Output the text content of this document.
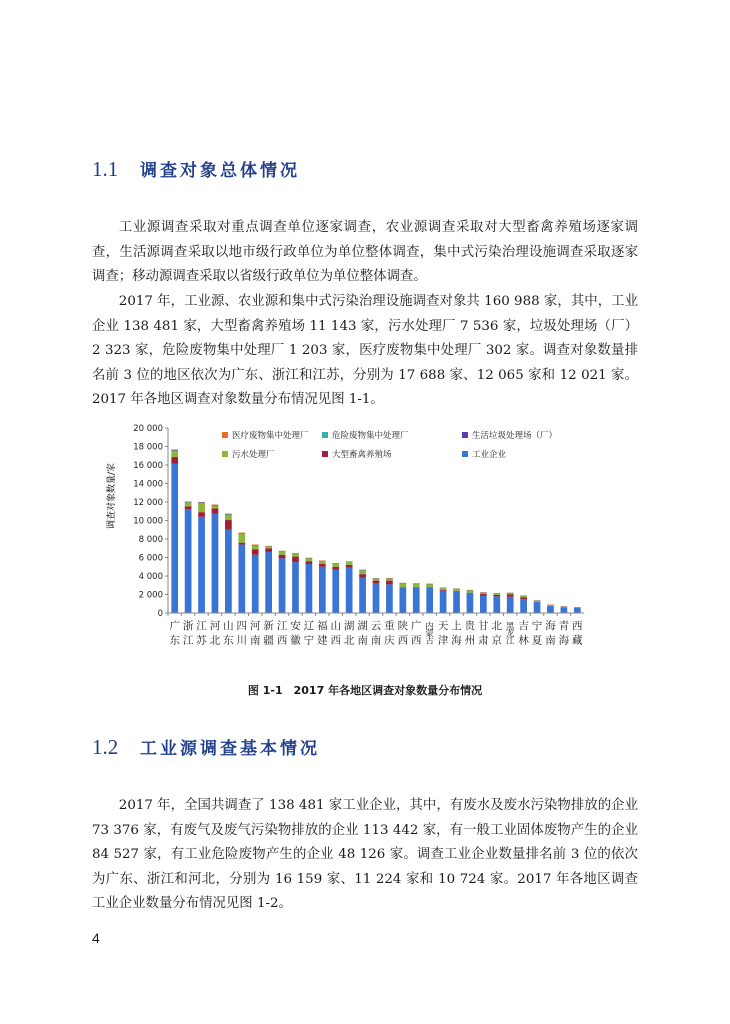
1.1	调查对象总体情况

工业源调查采取对重点调查单位逐家调查，农业源调查采取对大型畜禽养殖场逐家调查，生活源调查采取以地市级行政单位为单位整体调查，集中式污染治理设施调查采取逐家调查；移动源调查采取以省级行政单位为单位整体调查。

2017 年，工业源、农业源和集中式污染治理设施调查对象共 160 988 家，其中，工业企业 138 481 家，大型畜禽养殖场 11 143 家，污水处理厂 7 536 家，垃圾处理场（厂）2 323 家，危险废物集中处理厂 1 203 家，医疗废物集中处理厂 302 家。调查对象数量排名前 3 位的地区依次为广东、浙江和江苏，分别为 17 688 家、12 065 家和 12 021 家。2017 年各地区调查对象数量分布情况见图 1-1。

调查对象数量/家
0
2 000
4 000
6 000
8 000
10 000
12 000
14 000
16 000
18 000
20 000
广东
浙江
江苏
河北
山东
四川
河南
新疆
江西
安徽
辽宁
福建
山西
湖北
湖南
云南
重庆
陕西
广西
内蒙古
天津
上海
贵州
甘肃
北京
黑龙江
吉林
宁夏
海南
青海
西藏
医疗废物集中处理厂	危险废物集中处理厂	生活垃圾处理场（厂）
污水处理厂	大型畜禽养殖场	工业企业
图 1-1　2017 年各地区调查对象数量分布情况
1.2	工业源调查基本情况

2017 年，全国共调查了 138 481 家工业企业，其中，有废水及废水污染物排放的企业 73 376 家，有废气及废气污染物排放的企业 113 442 家，有一般工业固体废物产生的企业 84 527 家，有工业危险废物产生的企业 48 126 家。调查工业企业数量排名前 3 位的依次为广东、浙江和河北，分别为 16 159 家、11 224 家和 10 724 家。2017 年各地区调查工业企业数量分布情况见图 1-2。

4
